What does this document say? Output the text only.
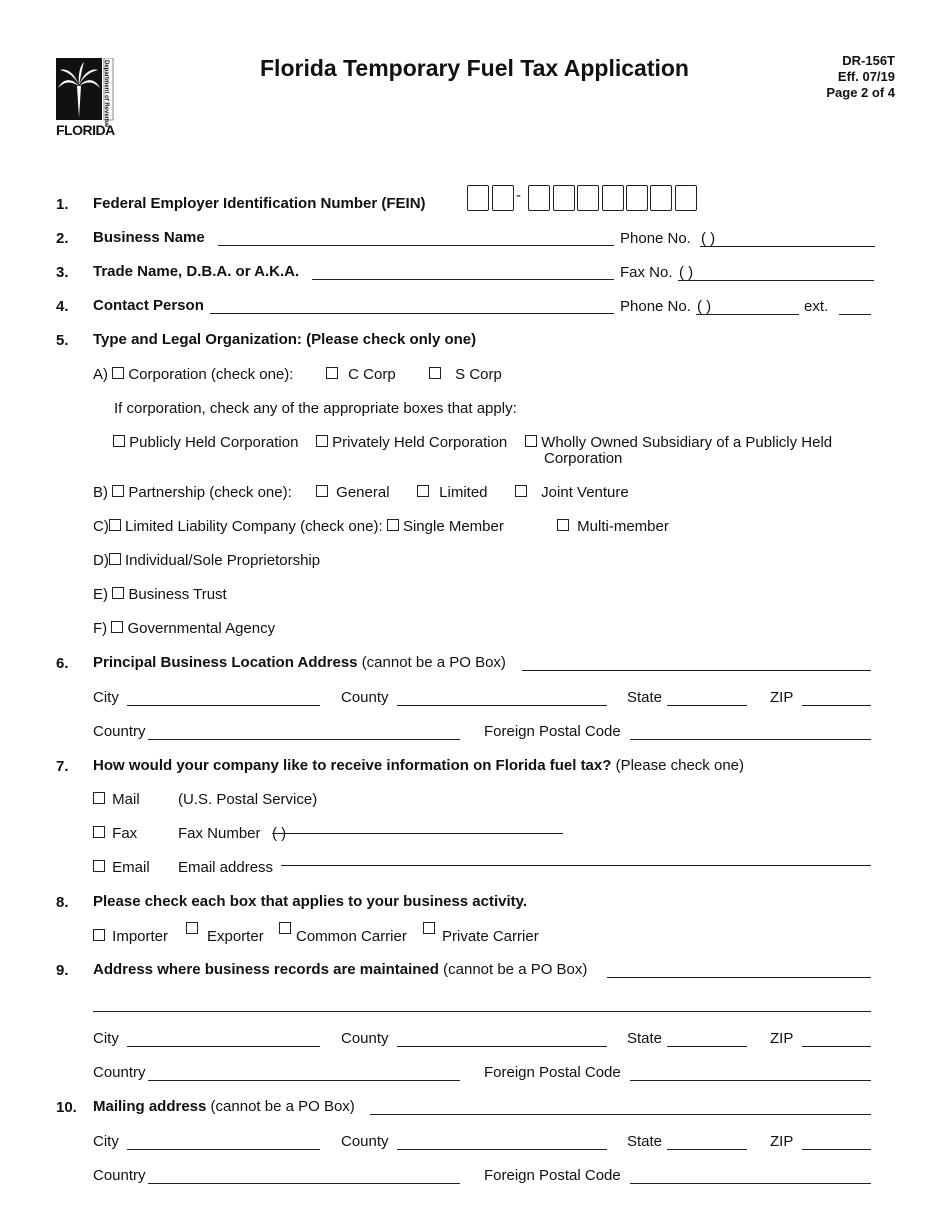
Department of Revenue
FLORIDA
Florida Temporary Fuel Tax Application	DR-156T
Eff. 07/19
Page 2 of 4
1. Federal Employer Identification Number (FEIN)	-
2. Business Name	Phone No. ( )
3. Trade Name, D.B.A. or A.K.A.	Fax No. ( )
4. Contact Person	Phone No. ( )	ext.
5. Type and Legal Organization: (Please check only one)
A) Corporation (check one):	C Corp	S Corp
If corporation, check any of the appropriate boxes that apply:
Publicly Held Corporation	Privately Held Corporation	Wholly Owned Subsidiary of a Publicly Held
Corporation
B) Partnership (check one):	General	Limited	Joint Venture
C) Limited Liability Company (check one): Single Member	Multi-member
D) Individual/Sole Proprietorship
E) Business Trust
F) Governmental Agency
6. Principal Business Location Address (cannot be a PO Box)
City	County	State	ZIP
Country	Foreign Postal Code
7. How would your company like to receive information on Florida fuel tax? (Please check one)
Mail	(U.S. Postal Service)
Fax	Fax Number ( )
Email Email address
8. Please check each box that applies to your business activity.
Importer	Exporter Common Carrier Private Carrier
9. Address where business records are maintained (cannot be a PO Box)
City	County	State	ZIP
Country	Foreign Postal Code
10. Mailing address (cannot be a PO Box)
City	County	State	ZIP
Country	Foreign Postal Code
